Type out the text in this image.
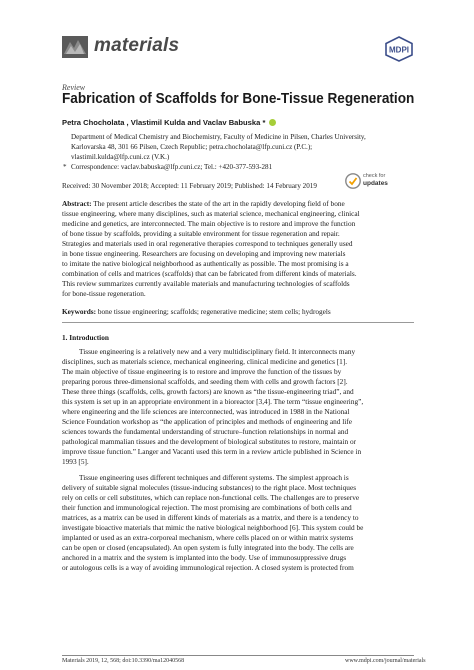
materials	MDPI
Review
Fabrication of Scaffolds for Bone-Tissue Regeneration
Petra Chocholata , Vlastimil Kulda and Vaclav Babuska *
Department of Medical Chemistry and Biochemistry, Faculty of Medicine in Pilsen, Charles University,
Karlovarska 48, 301 66 Pilsen, Czech Republic; petra.chocholata@lfp.cuni.cz (P.C.);
vlastimil.kulda@lfp.cuni.cz (V.K.)
* Correspondence: vaclav.babuska@lfp.cuni.cz; Tel.: +420-377-593-281
Received: 30 November 2018; Accepted: 11 February 2019; Published: 14 February 2019
check for
updates
Abstract: The present article describes the state of the art in the rapidly developing field of bone
tissue engineering, where many disciplines, such as material science, mechanical engineering, clinical
medicine and genetics, are interconnected. The main objective is to restore and improve the function
of bone tissue by scaffolds, providing a suitable environment for tissue regeneration and repair.
Strategies and materials used in oral regenerative therapies correspond to techniques generally used
in bone tissue engineering. Researchers are focusing on developing and improving new materials
to imitate the native biological neighborhood as authentically as possible. The most promising is a
combination of cells and matrices (scaffolds) that can be fabricated from different kinds of materials.
This review summarizes currently available materials and manufacturing technologies of scaffolds
for bone-tissue regeneration.
Keywords: bone tissue engineering; scaffolds; regenerative medicine; stem cells; hydrogels
1. Introduction
Tissue engineering is a relatively new and a very multidisciplinary field. It interconnects many
disciplines, such as materials science, mechanical engineering, clinical medicine and genetics [1].
The main objective of tissue engineering is to restore and improve the function of the tissues by
preparing porous three-dimensional scaffolds, and seeding them with cells and growth factors [2].
These three things (scaffolds, cells, growth factors) are known as “the tissue-engineering triad”, and
this system is set up in an appropriate environment in a bioreactor [3,4]. The term “tissue engineering”,
where engineering and the life sciences are interconnected, was introduced in 1988 in the National
Science Foundation workshop as “the application of principles and methods of engineering and life
sciences towards the fundamental understanding of structure–function relationships in normal and
pathological mammalian tissues and the development of biological substitutes to restore, maintain or
improve tissue function.” Langer and Vacanti used this term in a review article published in Science in
1993 [5].
Tissue engineering uses different techniques and different systems. The simplest approach is
delivery of suitable signal molecules (tissue-inducing substances) to the right place. Most techniques
rely on cells or cell substitutes, which can replace non-functional cells. The challenges are to preserve
their function and immunological rejection. The most promising are combinations of both cells and
matrices, as a matrix can be used in different kinds of materials as a matrix, and there is a tendency to
investigate bioactive materials that mimic the native biological neighborhood [6]. This system could be
implanted or used as an extra-corporeal mechanism, where cells placed on or within matrix systems
can be open or closed (encapsulated). An open system is fully integrated into the body. The cells are
anchored in a matrix and the system is implanted into the body. Use of immunosuppressive drugs
or autologous cells is a way of avoiding immunological rejection. A closed system is protected from
Materials 2019, 12, 568; doi:10.3390/ma12040568	www.mdpi.com/journal/materials
